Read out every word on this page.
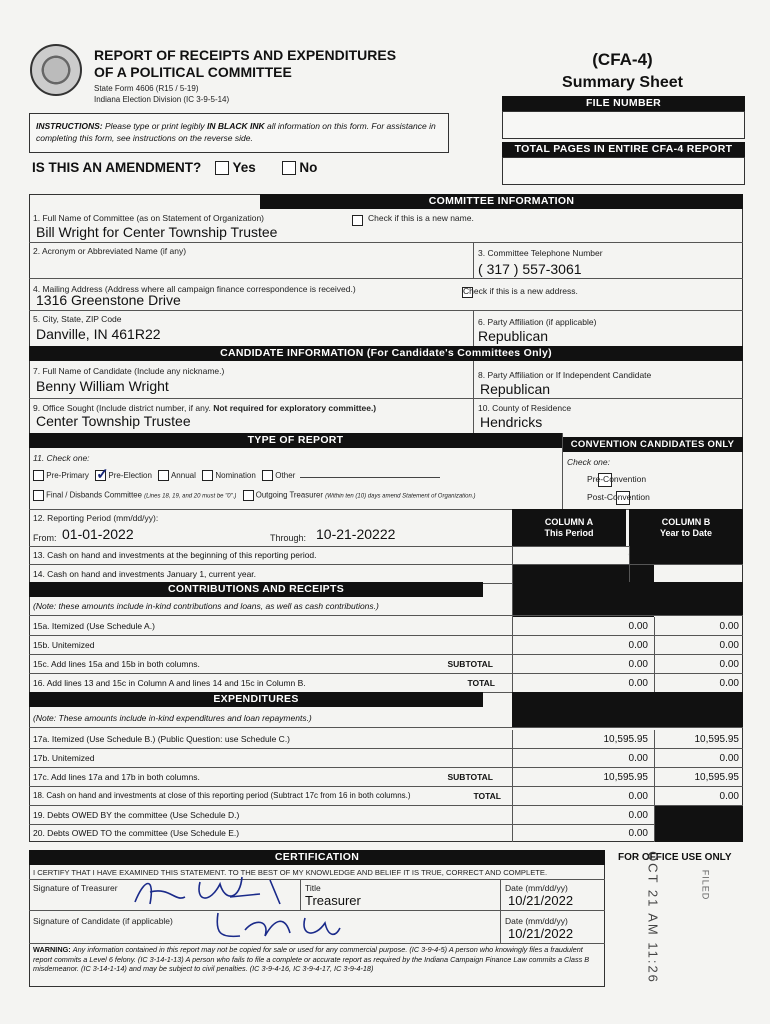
REPORT OF RECEIPTS AND EXPENDITURES
OF A POLITICAL COMMITTEE
State Form 4606 (R15 / 5-19)
Indiana Election Division (IC 3-9-5-14)
(CFA-4)
Summary Sheet
FILE NUMBER
TOTAL PAGES IN ENTIRE CFA-4 REPORT
INSTRUCTIONS: Please type or print legibly IN BLACK INK all information on this form. For assistance in completing this form, see instructions on the reverse side.
IS THIS AN AMENDMENT? Yes	No
COMMITTEE INFORMATION
1. Full Name of Committee (as on Statement of Organization)
	Check if this is a new name.
Bill Wright for Center Township Trustee
2. Acronym or Abbreviated Name (if any)	3. Committee Telephone Number
( 317 ) 557-3061
4. Mailing Address (Address where all campaign finance correspondence is received.)
	Check if this is a new address.
1316 Greenstone Drive
5. City, State, ZIP Code
Danville, IN 461R22
6. Party Affiliation (if applicable)
Republican
CANDIDATE INFORMATION (For Candidate's Committees Only)
7. Full Name of Candidate (Include any nickname.)
Benny William Wright
8. Party Affiliation or If Independent Candidate
Republican
9. Office Sought (Include district number, if any. Not required for exploratory committee.)
Center Township Trustee
10. County of Residence
Hendricks
TYPE OF REPORT	CONVENTION CANDIDATES ONLY
11. Check one:
Pre-Primary ✓ Pre-Election Annual Nomination Other
Final / Disbands Committee (Lines 18, 19, and 20 must be "0".) Outgoing Treasurer (Within ten (10) days amend Statement of Organization.)
Check one:

Pre-Convention
Post-Convention
12. Reporting Period (mm/dd/yy):
From: 01-01-2022	Through: 10-21-20222
COLUMN A
This Period
COLUMN B
Year to Date
13. Cash on hand and investments at the beginning of this reporting period.
14. Cash on hand and investments January 1, current year.
CONTRIBUTIONS AND RECEIPTS
(Note: these amounts include in-kind contributions and loans, as well as cash contributions.)
15a. Itemized (Use Schedule A.)	0.00	0.00
15b. Unitemized	0.00	0.00
15c. Add lines 15a and 15b in both columns.	SUBTOTAL	0.00	0.00
16. Add lines 13 and 15c in Column A and lines 14 and 15c in Column B.	TOTAL	0.00	0.00
EXPENDITURES
(Note: These amounts include in-kind expenditures and loan repayments.)
17a. Itemized (Use Schedule B.) (Public Question: use Schedule C.)	10,595.95	10,595.95
17b. Unitemized	0.00	0.00
17c. Add lines 17a and 17b in both columns.	SUBTOTAL	10,595.95	10,595.95
18. Cash on hand and investments at close of this reporting period (Subtract 17c from 16 in both columns.)	TOTAL	0.00	0.00
19. Debts OWED BY the committee (Use Schedule D.)	0.00
20. Debts OWED TO the committee (Use Schedule E.)	0.00
CERTIFICATION
I CERTIFY THAT I HAVE EXAMINED THIS STATEMENT. TO THE BEST OF MY KNOWLEDGE AND BELIEF IT IS TRUE, CORRECT AND COMPLETE.
Signature of Treasurer	Title
Treasurer
Date (mm/dd/yy)
10/21/2022
Signature of Candidate (if applicable)	Date (mm/dd/yy)
10/21/2022
WARNING: Any information contained in this report may not be copied for sale or used for any commercial purpose. (IC 3-9-4-5) A person who knowingly files a fraudulent report commits a Level 6 felony. (IC 3-14-1-13) A person who fails to file a complete or accurate report as required by the Indiana Campaign Finance Law commits a Class B misdemeanor. (IC 3-14-1-14) and may be subject to civil penalties. (IC 3-9-4-16, IC 3-9-4-17, IC 3-9-4-18)
FOR OFFICE USE ONLY
OCT 21 AM 11:26	FILED
